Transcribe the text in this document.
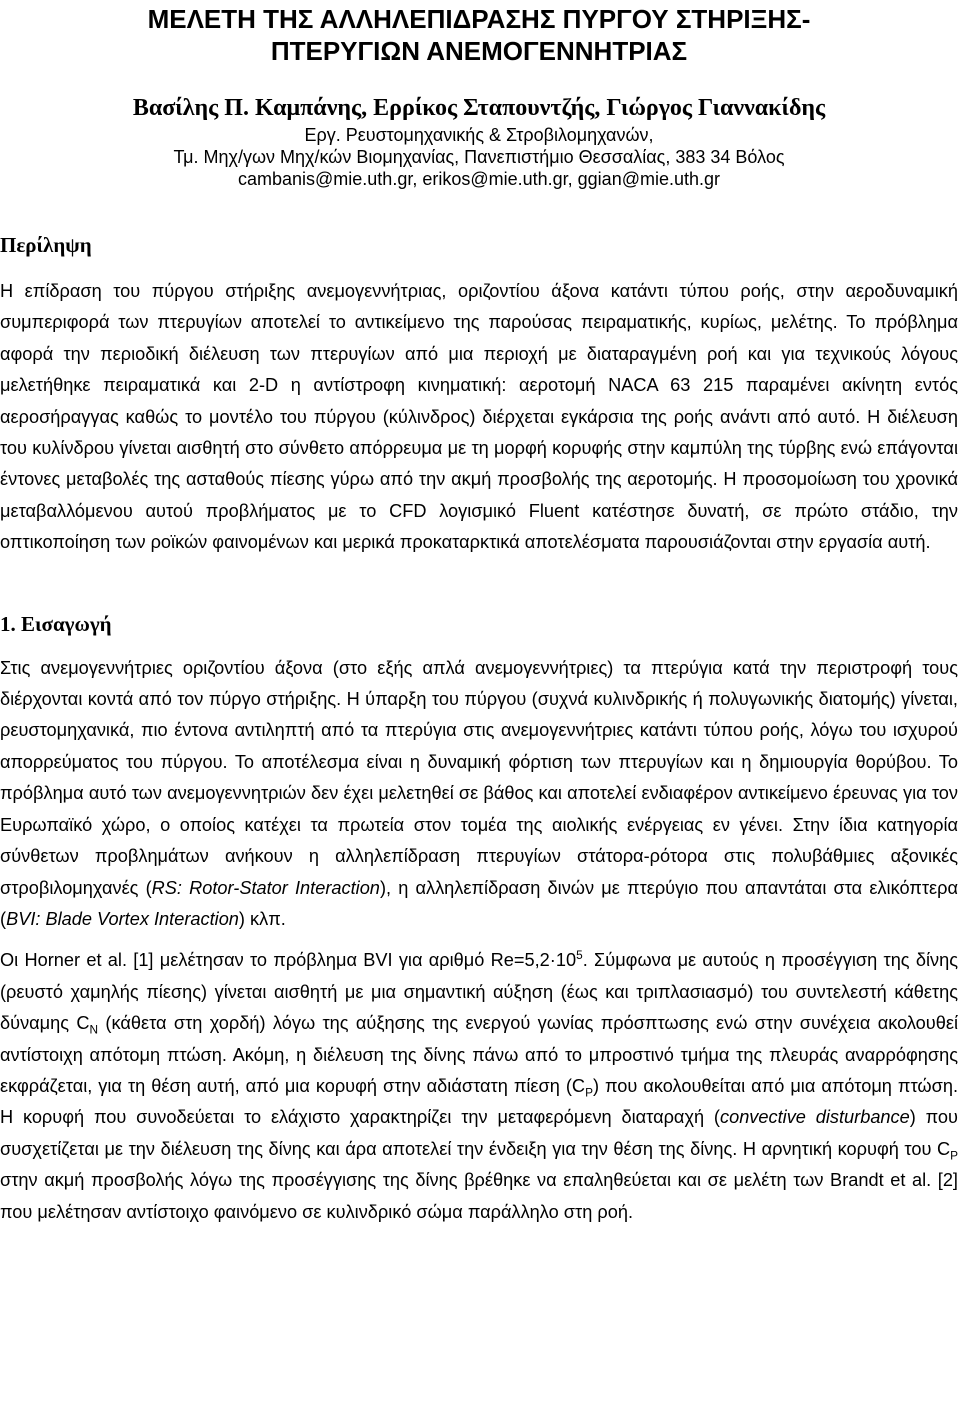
ΜΕΛΕΤΗ ΤΗΣ ΑΛΛΗΛΕΠΙΔΡΑΣΗΣ ΠΥΡΓΟΥ ΣΤΗΡΙΞΗΣ-
ΠΤΕΡΥΓΙΩΝ ΑΝΕΜΟΓΕΝΝΗΤΡΙΑΣ
Βασίλης Π. Καμπάνης, Ερρίκος Σταπουντζής, Γιώργος Γιαννακίδης
Εργ. Ρευστομηχανικής & Στροβιλομηχανών,
Τμ. Μηχ/γων Μηχ/κών Βιομηχανίας, Πανεπιστήμιο Θεσσαλίας, 383 34 Βόλος
cambanis@mie.uth.gr, erikos@mie.uth.gr, ggian@mie.uth.gr
Περίληψη

Η επίδραση του πύργου στήριξης ανεμογεννήτριας, οριζοντίου άξονα κατάντι τύπου ροής, στην αεροδυναμική συμπεριφορά των πτερυγίων αποτελεί το αντικείμενο της παρούσας πειραματικής, κυρίως, μελέτης. Το πρόβλημα αφορά την περιοδική διέλευση των πτερυγίων από μια περιοχή με διαταραγμένη ροή και για τεχνικούς λόγους μελετήθηκε πειραματικά και 2-D η αντίστροφη κινηματική: αεροτομή NACA 63 215 παραμένει ακίνητη εντός αεροσήραγγας καθώς το μοντέλο του πύργου (κύλινδρος) διέρχεται εγκάρσια της ροής ανάντι από αυτό. Η διέλευση του κυλίνδρου γίνεται αισθητή στο σύνθετο απόρρευμα με τη μορφή κορυφής στην καμπύλη της τύρβης ενώ επάγονται έντονες μεταβολές της ασταθούς πίεσης γύρω από την ακμή προσβολής της αεροτομής. Η προσομοίωση του χρονικά μεταβαλλόμενου αυτού προβλήματος με το CFD λογισμικό Fluent κατέστησε δυνατή, σε πρώτο στάδιο, την οπτικοποίηση των ροϊκών φαινομένων και μερικά προκαταρκτικά αποτελέσματα παρουσιάζονται στην εργασία αυτή.

1. Εισαγωγή

Στις ανεμογεννήτριες οριζοντίου άξονα (στο εξής απλά ανεμογεννήτριες) τα πτερύγια κατά την περιστροφή τους διέρχονται κοντά από τον πύργο στήριξης. Η ύπαρξη του πύργου (συχνά κυλινδρικής ή πολυγωνικής διατομής) γίνεται, ρευστομηχανικά, πιο έντονα αντιληπτή από τα πτερύγια στις ανεμογεννήτριες κατάντι τύπου ροής, λόγω του ισχυρού απορρεύματος του πύργου. Το αποτέλεσμα είναι η δυναμική φόρτιση των πτερυγίων και η δημιουργία θορύβου. Το πρόβλημα αυτό των ανεμογεννητριών δεν έχει μελετηθεί σε βάθος και αποτελεί ενδιαφέρον αντικείμενο έρευνας για τον Ευρωπαϊκό χώρο, ο οποίος κατέχει τα πρωτεία στον τομέα της αιολικής ενέργειας εν γένει. Στην ίδια κατηγορία σύνθετων προβλημάτων ανήκουν η αλληλεπίδραση πτερυγίων στάτορα-ρότορα στις πολυβάθμιες αξονικές στροβιλομηχανές (RS: Rotor-Stator Interaction), η αλληλεπίδραση δινών με πτερύγιο που απαντάται στα ελικόπτερα (BVI: Blade Vortex Interaction) κλπ.

Οι Horner et al. [1] μελέτησαν το πρόβλημα BVI για αριθμό $Re=5,2\cdot 10^5$. Σύμφωνα με αυτούς η προσέγγιση της δίνης (ρευστό χαμηλής πίεσης) γίνεται αισθητή με μια σημαντική αύξηση (έως και τριπλασιασμό) του συντελεστή κάθετης δύναμης $C_N$ (κάθετα στη χορδή) λόγω της αύξησης της ενεργού γωνίας πρόσπτωσης ενώ στην συνέχεια ακολουθεί αντίστοιχη απότομη πτώση. Ακόμη, η διέλευση της δίνης πάνω από το μπροστινό τμήμα της πλευράς αναρρόφησης εκφράζεται, για τη θέση αυτή, από μια κορυφή στην αδιάστατη πίεση $(C_P)$ που ακολουθείται από μια απότομη πτώση. Η κορυφή που συνοδεύεται το ελάχιστο χαρακτηρίζει την μεταφερόμενη διαταραχή (convective disturbance) που συσχετίζεται με την διέλευση της δίνης και άρα αποτελεί την ένδειξη για την θέση της δίνης. Η αρνητική κορυφή του $C_P$ στην ακμή προσβολής λόγω της προσέγγισης της δίνης βρέθηκε να επαληθεύεται και σε μελέτη των Brandt et al. [2] που μελέτησαν αντίστοιχο φαινόμενο σε κυλινδρικό σώμα παράλληλο στη ροή.
